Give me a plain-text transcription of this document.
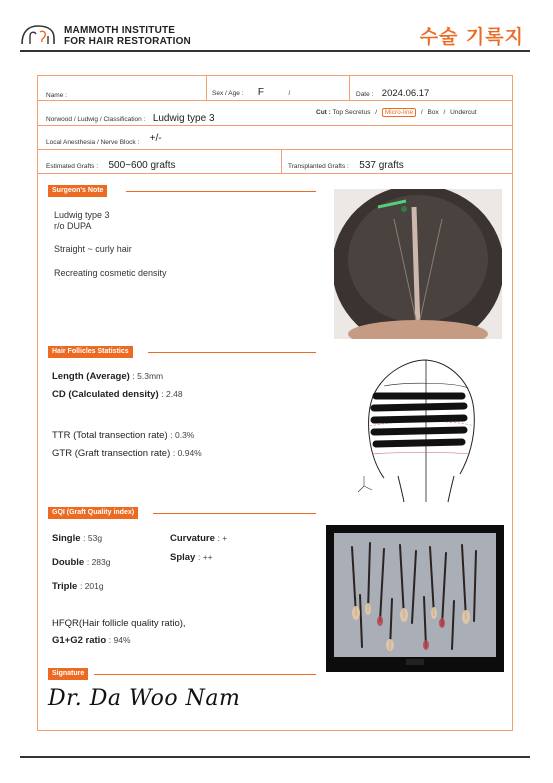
MAMMOTH INSTITUTE
FOR HAIR RESTORATION	수술 기록지
Name :	Sex / Age : F	/	Date : 2024.06.17
Norwood / Ludwig / Classification : Ludwig type 3
Cut : Top Secretus / Micro-line / Box / Undercut
Local Anesthesia / Nerve Block : +/-
Estimated Grafts : 500~600 grafts	Transplanted Grafts : 537 grafts
Surgeon's Note
Ludwig type 3
r/o DUPA
Straight ~ curly hair
Recreating cosmetic density
Hair Follicles Statistics
Length (Average) : 5.3mm
CD (Calculated density) : 2.48
TTR (Total transection rate) : 0.3%
GTR (Graft transection rate) : 0.94%
GQI (Graft Quality index)
Single : 53g
Double : 283g
Triple : 201g
Curvature : +
Splay : ++
HFQR(Hair follicle quality ratio),
G1+G2 ratio : 94%
Signature
Dr. Da Woo Nam
